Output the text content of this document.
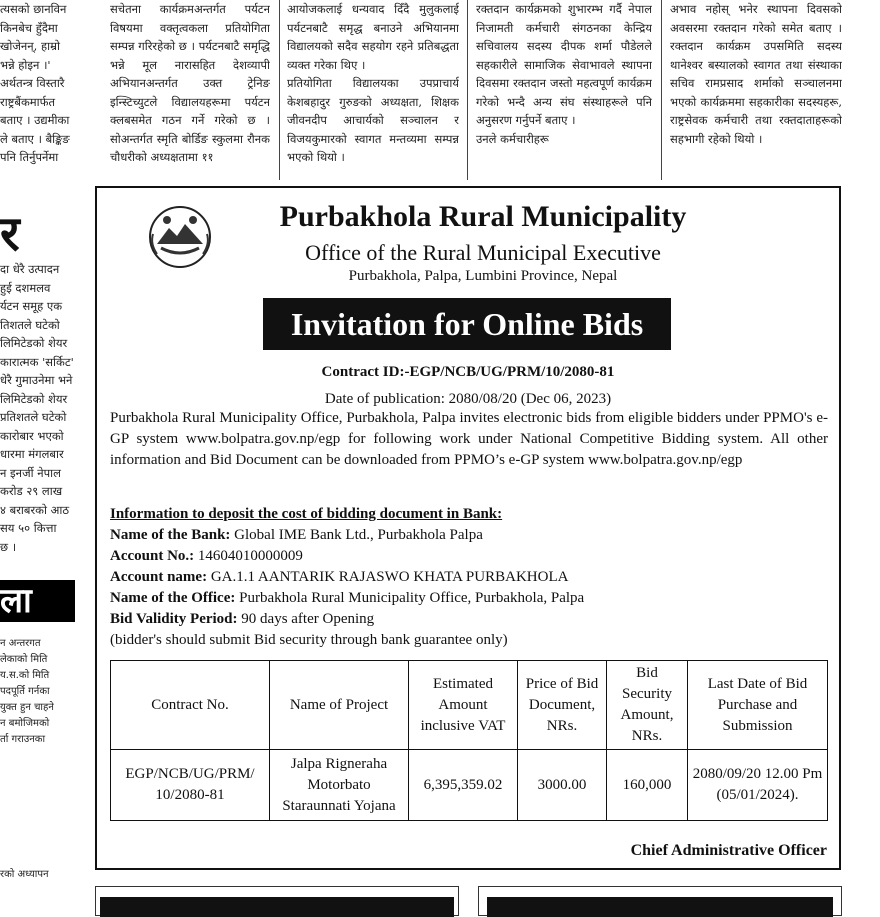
त्यसको छानविन
किनबेच हुँदैमा
खोजेनन्, हाम्रो
भन्ने होइन ।'
अर्थतन्त्र विस्तारै
राष्ट्रबैंकमार्फत
बताए । उद्यमीका
ले बताए । बैङ्किङ
पनि तिर्नुपर्नेमा

र

दा धेरै उत्पादन
हुई दशमलव
र्यटन समूह एक
तिशतले घटेको
लिमिटेडको शेयर
कारात्मक 'सर्किट'
धेरै गुमाउनेमा भने
लिमिटेडको शेयर
प्रतिशतले घटेको
कारोबार भएको
धारमा मंगलबार
न इनर्जी नेपाल
करोड २९ लाख
४ बराबरको आठ
सय ५० कित्ता
छ ।

ला

न अन्तरगत
लेकाको मिति
य.स.को मिति
पदपूर्ति गर्नका
युक्त हुन चाहने
न बमोजिमको
र्ता गराउनका

रको अध्यापन

सचेतना कार्यक्रमअन्तर्गत पर्यटन विषयमा वक्तृत्वकला प्रतियोगिता सम्पन्न गरिरहेको छ । पर्यटनबाटै समृद्धि भन्ने मूल नारासहित देशव्यापी अभियानअन्तर्गत उक्त ट्रेनिङ इन्स्टिच्युटले विद्यालयहरूमा पर्यटन क्लबसमेत गठन गर्ने गरेको छ । सोअन्तर्गत स्मृति बोर्डिङ स्कुलमा रौनक चौधरीको अध्यक्षतामा ११

आयोजकलाई धन्यवाद दिँदै मुलुकलाई पर्यटनबाटै समृद्ध बनाउने अभियानमा विद्यालयको सदैव सहयोग रहने प्रतिबद्धता व्यक्त गरेका थिए ।
प्रतियोगिता विद्यालयका उपप्राचार्य केशबहादुर गुरुङको अध्यक्षता, शिक्षक जीवनदीप आचार्यको सञ्चालन र विजयकुमारको स्वागत मन्तव्यमा सम्पन्न भएको थियो ।

रक्तदान कार्यक्रमको शुभारम्भ गर्दै नेपाल निजामती कर्मचारी संगठनका केन्द्रिय सचिवालय सदस्य दीपक शर्मा पौडेलले सहकारीले सामाजिक सेवाभावले स्थापना दिवसमा रक्तदान जस्तो महत्वपूर्ण कार्यक्रम गरेको भन्दै अन्य संघ संस्थाहरूले पनि अनुसरण गर्नुपर्ने बताए ।
उनले कर्मचारीहरू

अभाव नहोस् भनेर स्थापना दिवसको अवसरमा रक्तदान गरेको समेत बताए । रक्तदान कार्यक्रम उपसमिति सदस्य थानेश्वर बस्यालको स्वागत तथा संस्थाका सचिव रामप्रसाद शर्माको सञ्चालनमा भएको कार्यक्रममा सहकारीका सदस्यहरू, राष्ट्रसेवक कर्मचारी तथा रक्तदाताहरूको सहभागी रहेको थियो ।

Purbakhola Rural Municipality
Office of the Rural Municipal Executive
Purbakhola, Palpa, Lumbini Province, Nepal
Invitation for Online Bids
Contract ID:-EGP/NCB/UG/PRM/10/2080-81
Date of publication: 2080/08/20 (Dec 06, 2023)
Purbakhola Rural Municipality Office, Purbakhola, Palpa invites electronic bids from eligible bidders under PPMO's e-GP system www.bolpatra.gov.np/egp for following work under National Competitive Bidding system. All other information and Bid Document can be downloaded from PPMO’s e-GP system www.bolpatra.gov.np/egp
Information to deposit the cost of bidding document in Bank:
Name of the Bank: Global IME Bank Ltd., Purbakhola Palpa
Account No.: 14604010000009
Account name: GA.1.1 AANTARIK RAJASWO KHATA PURBAKHOLA
Name of the Office: Purbakhola Rural Municipality Office, Purbakhola, Palpa
Bid Validity Period: 90 days after Opening
(bidder's should submit Bid security through bank guarantee only)
Contract No.	Name of Project	Estimated Amount inclusive VAT	Price of Bid Document, NRs.	Bid Security Amount, NRs.	Last Date of Bid Purchase and Submission
EGP/NCB/UG/PRM/ 10/2080-81	Jalpa Rigneraha Motorbato Staraunnati Yojana	6,395,359.02	3000.00	160,000	2080/09/20 12.00 Pm (05/01/2024).
Chief Administrative Officer
